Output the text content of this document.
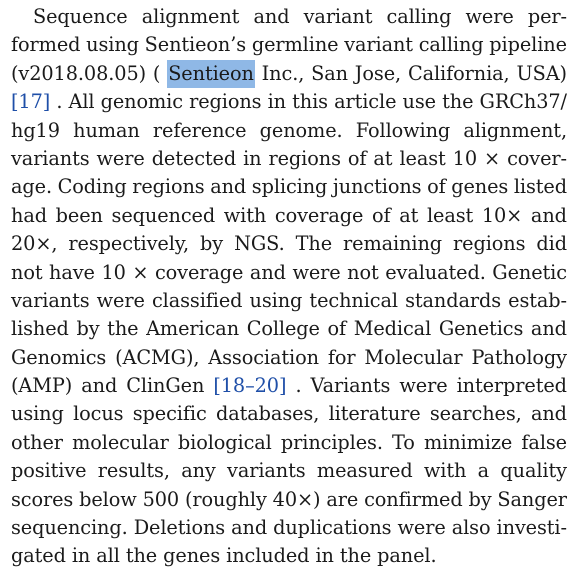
Sequence alignment and variant calling were per-
formed using Sentieon’s germline variant calling pipeline
(v2018.08.05) ( Sentieon Inc., San Jose, California, USA)
[17] . All genomic regions in this article use the GRCh37/
hg19 human reference genome. Following alignment,
variants were detected in regions of at least 10 × cover-
age. Coding regions and splicing junctions of genes listed
had been sequenced with coverage of at least 10× and
20×, respectively, by NGS. The remaining regions did
not have 10 × coverage and were not evaluated. Genetic
variants were classified using technical standards estab-
lished by the American College of Medical Genetics and
Genomics (ACMG), Association for Molecular Pathology
(AMP) and ClinGen [18–20] . Variants were interpreted
using locus specific databases, literature searches, and
other molecular biological principles. To minimize false
positive results, any variants measured with a quality
scores below 500 (roughly 40×) are confirmed by Sanger
sequencing. Deletions and duplications were also investi-
gated in all the genes included in the panel.
